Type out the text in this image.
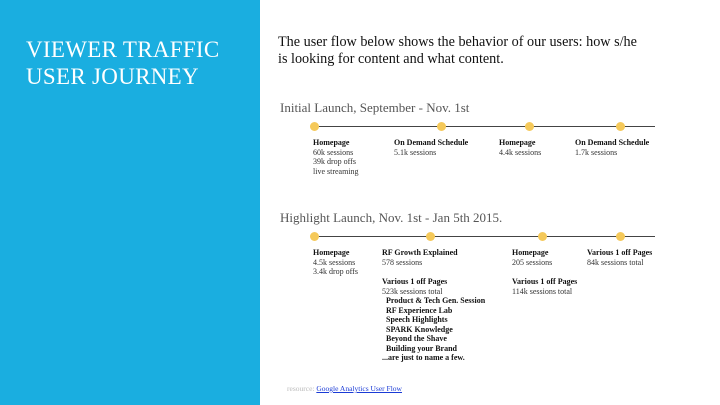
VIEWER TRAFFIC
USER JOURNEY
The user flow below shows the behavior of our users: how s/he
is looking for content and what content.
Initial Launch, September - Nov. 1st
Homepage
60k sessions
39k drop offs
live streaming
On Demand Schedule
5.1k sessions
Homepage
4.4k sessions
On Demand Schedule
1.7k sessions
Highlight Launch, Nov. 1st - Jan 5th 2015.
Homepage
4.5k sessions
3.4k drop offs
RF Growth Explained
578 sessions
Homepage
205 sessions
Various 1 off Pages
84k sessions total
Various 1 off Pages
523k sessions total
Product & Tech Gen. Session
RF Experience Lab
Speech Highlights
SPARK Knowledge
Beyond the Shave
Building your Brand
...are just to name a few.
Various 1 off Pages
114k sessions total
resource: Google Analytics User Flow
